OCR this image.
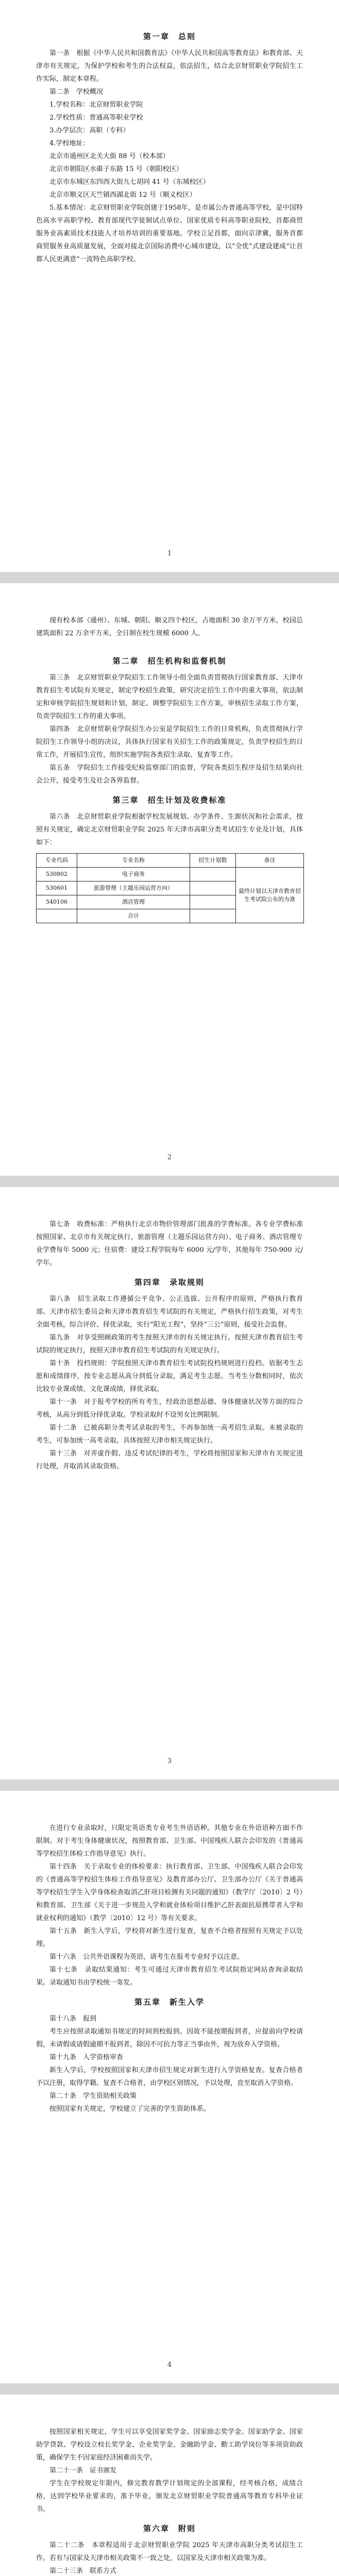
第一章　总则

第一条　根据《中华人民共和国教育法》《中华人民共和国高等教育法》和教育部、天津市有关规定，为保护学校和考生的合法权益，依法招生，结合北京财贸职业学院招生工作实际，制定本章程。

第二条　学校概况

1.学校名称：北京财贸职业学院

2.学校性质：普通高等职业学校

3.办学层次：高职（专科）

4.学校地址：

北京市通州区北关大街 88 号（校本部）

北京市朝阳区水碓子东路 15 号（朝阳校区）

北京市东城区东四西大街九七胡同 41 号（东城校区）

北京市顺义区天竺镇西湖北街 12 号（顺义校区）

5.基本情况：北京财贸职业学院创建于1958年，是市属公办普通高等学校，是中国特色高水平高职学校、教育部现代学徒制试点单位、国家优质专科高等职业院校，首都商贸服务业高素质技术技能人才培养培训的重要基地。学校立足首都，面向京津冀，服务首都商贸服务业高质量发展，全面对接北京国际消费中心城市建设，以“全优”式建设建成“让首都人民更满意”一流特色高职学校。

1

现有校本部（通州）、东城、朝阳、顺义四个校区，占地面积 30 余万平方米，校园总建筑面积 22 万余平方米，全日制在校生规模 6000 人。

第二章　招生机构和监督机制

第三条　北京财贸职业学院招生工作领导小组全面负责贯彻执行国家教育部、天津市教育招生考试院有关规定，制定学校招生政策，研究决定招生工作中的重大事项，依法制定和审核学院招生规划和计划，制定、调整学院招生工作方案，审核招生录取工作方案，负责学院招生工作的重大事项。

第四条　北京财贸职业学院招生办公室是学院招生工作的日常机构，负责贯彻执行学院招生工作领导小组的决议，具体执行国家有关招生工作的政策规定，负责学校招生的日常工作，开展招生宣传，组织实施学院各类招生录取、复查等工作。

第五条　学院招生工作接受纪检监察部门的监督，学院各类招生程序及招生结果向社会公开，接受考生及社会各界监督。

第三章　招生计划及收费标准

第六条　北京财贸职业学院根据学校发展规划、办学条件、生源状况和社会需求，按照有关规定，确定北京财贸职业学院 2025 年天津市高职分类考试招生专业及计划，具体如下：

专业代码	专业名称	招生计划数	备注
530802	电子商务		最终计划以天津市教育招生考试院公布的为准
530601	旅游管理（主题乐园运营方向）		
540106	酒店管理		
	合计		
2

第七条　收费标准：严格执行北京市物价管理部门批准的学费标准。各专业学费标准按照国家、北京市有关规定执行，旅游管理（主题乐园运营方向）、电子商务、酒店管理专业学费每年 5000 元；住宿费：建设工程学院每年 6000 元/学年，其他每年 750-900 元/学年。

第四章　录取规则

第八条　招生录取工作遵循公平竞争、公正选拔、公开程序的原则，严格执行教育部、天津市招生委员会和天津市教育招生考试院的有关规定，严格执行招生政策，对考生全面考核，综合评价、择优录取，实行“阳光工程”，坚持“三公”原则，接受社会监督。

第九条　对享受照顾政策的考生按照天津市的有关规定执行。按照天津市教育招生考试院的规定执行，按照天津市教育招生考试院的有关规定执行。

第十条　投档规则：学院按照天津市教育招生考试院投档规则进行投档。依据考生志愿和成绩排序，按专业志愿从高分到低分录取，满足考生志愿。当考生分数相同时，依次比较专业课成绩、文化课成绩，择优录取。

第十一条　对于报考学校的所有考生，经政治思想品德、身体健康状况等方面的综合考核，从高分到低分择优录取。学校录取时不设男女比例限制。

第十二条　已被高职分类考试录取的考生，不再参加统一高考招生录取。未被录取的考生，可参加统一高考录取。具体按照天津市相关规定执行。

第十三条　对弄虚作假、违反考试纪律的考生，学校将按照国家和天津市有关规定进行处理，并取消其录取资格。

3

在进行专业录取时，只限定英语类专业考生外语语种。其他专业在外语语种方面不作限制。对于考生身体健康状况，按照教育部、卫生部、中国残疾人联合会印发的《普通高等学校招生体检工作指导意见》执行。

第十四条　关于录取专业的体检要求：执行教育部、卫生部、中国残疾人联合会印发的《普通高等学校招生体检工作指导意见》及教育部办公厅、卫生部办公厅《关于普通高等学校招生学生入学身体检查取消乙肝项目检测有关问题的通知》（教学厅〔2010〕2 号）和教育部、卫生部《关于进一步规范入学和就业体检项目维护乙肝表面抗原携带者入学和就业权利的通知》（教学〔2010〕12 号）等有关要求。

第十五条　新生入学后，学校将对新生进行复查，复查不合格者按照有关规定予以处理。

第十六条　公共外语课程为英语，请考生在报考专业时予以注意。

第十七条　录取结果通知：考生可通过天津市教育招生考试院指定网站查询录取结果。录取通知书由学校统一寄发。

第五章　新生入学

第十八条　报到

考生应按照录取通知书规定的时间到校报到。因故不能按期报到者，应提前向学校请假，未请假或请假逾期不报到者，除因不可抗力等正当事由外，视为放弃入学资格。

第十九条　入学资格审查

新生入学后，学校按照国家和天津市招生规定对新生进行入学资格复查。复查合格者予以注册，取得学籍。复查不合格者，由学校区别情况，予以处理，直至取消入学资格。

第二十条　学生资助相关政策

按照国家有关规定，学校建立了完善的学生资助体系。

4

按照国家相关规定，学生可以享受国家奖学金、国家励志奖学金、国家助学金、国家助学贷款、学校设立校长奖学金、企业奖学金、金融助学金、勤工助学岗位等多项资助政策，确保学生不因家庭经济困难而失学。

第二十一条　证书颁发

学生在学校规定年限内，修完教育教学计划规定的全部课程，经考核合格，成绩合格，达到学校毕业要求的，准予毕业，颁发北京财贸职业学院普通高等教育专科毕业证书。

第六章　附则

第二十二条　本章程适用于北京财贸职业学院 2025 年天津市高职分类考试招生工作。若有与国家及天津市相关政策不一致之处，以国家及天津市相关政策为准。

第二十三条　联系方式
